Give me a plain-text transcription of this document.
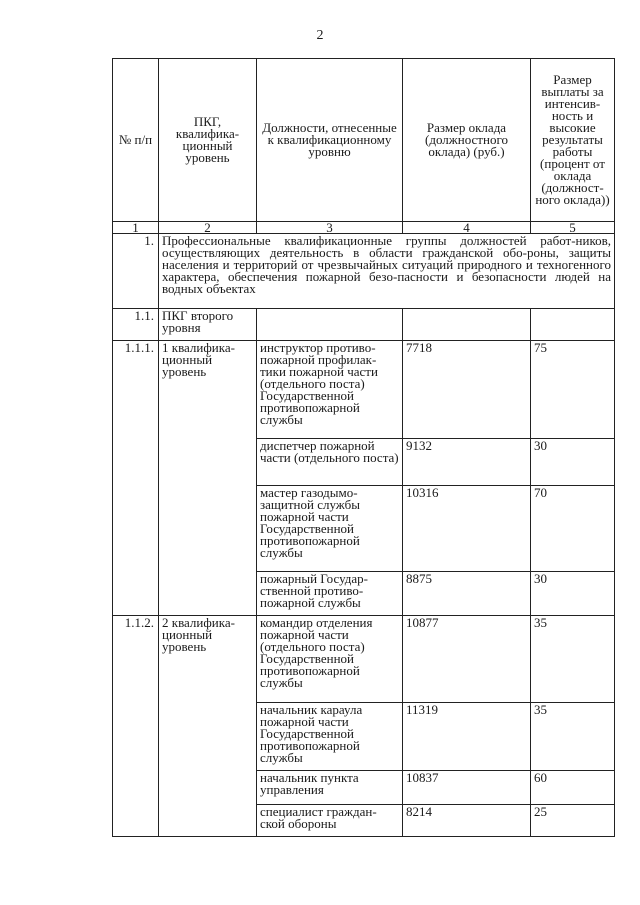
2
№ п/п	ПКГ, квалифика-ционный уровень	Должности, отнесенные к квалификационному уровню	Размер оклада (должностного оклада) (руб.)	Размер выплаты за интенсив-ность и высокие результаты работы (процент от оклада (должност-ного оклада))
1	2	3	4	5
1.	Профессиональные квалификационные группы должностей работ-ников, осуществляющих деятельность в области гражданской обо-роны, защиты населения и территорий от чрезвычайных ситуаций природного и техногенного характера, обеспечения пожарной безо-пасности и безопасности людей на водных объектах			
1.1.	ПКГ второго уровня			
1.1.1.	1 квалифика-ционный уровень	инструктор противо-пожарной профилак-тики пожарной части (отдельного поста) Государственной противопожарной службы	7718	75
		диспетчер пожарной части (отдельного поста)	9132	30
		мастер газодымо-защитной службы пожарной части Государственной противопожарной службы	10316	70
		пожарный Государ-ственной противо-пожарной службы	8875	30
1.1.2.	2 квалифика-ционный уровень	командир отделения пожарной части (отдельного поста) Государственной противопожарной службы	10877	35
		начальник караула пожарной части Государственной противопожарной службы	11319	35
		начальник пункта управления	10837	60
		специалист граждан-ской обороны	8214	25
